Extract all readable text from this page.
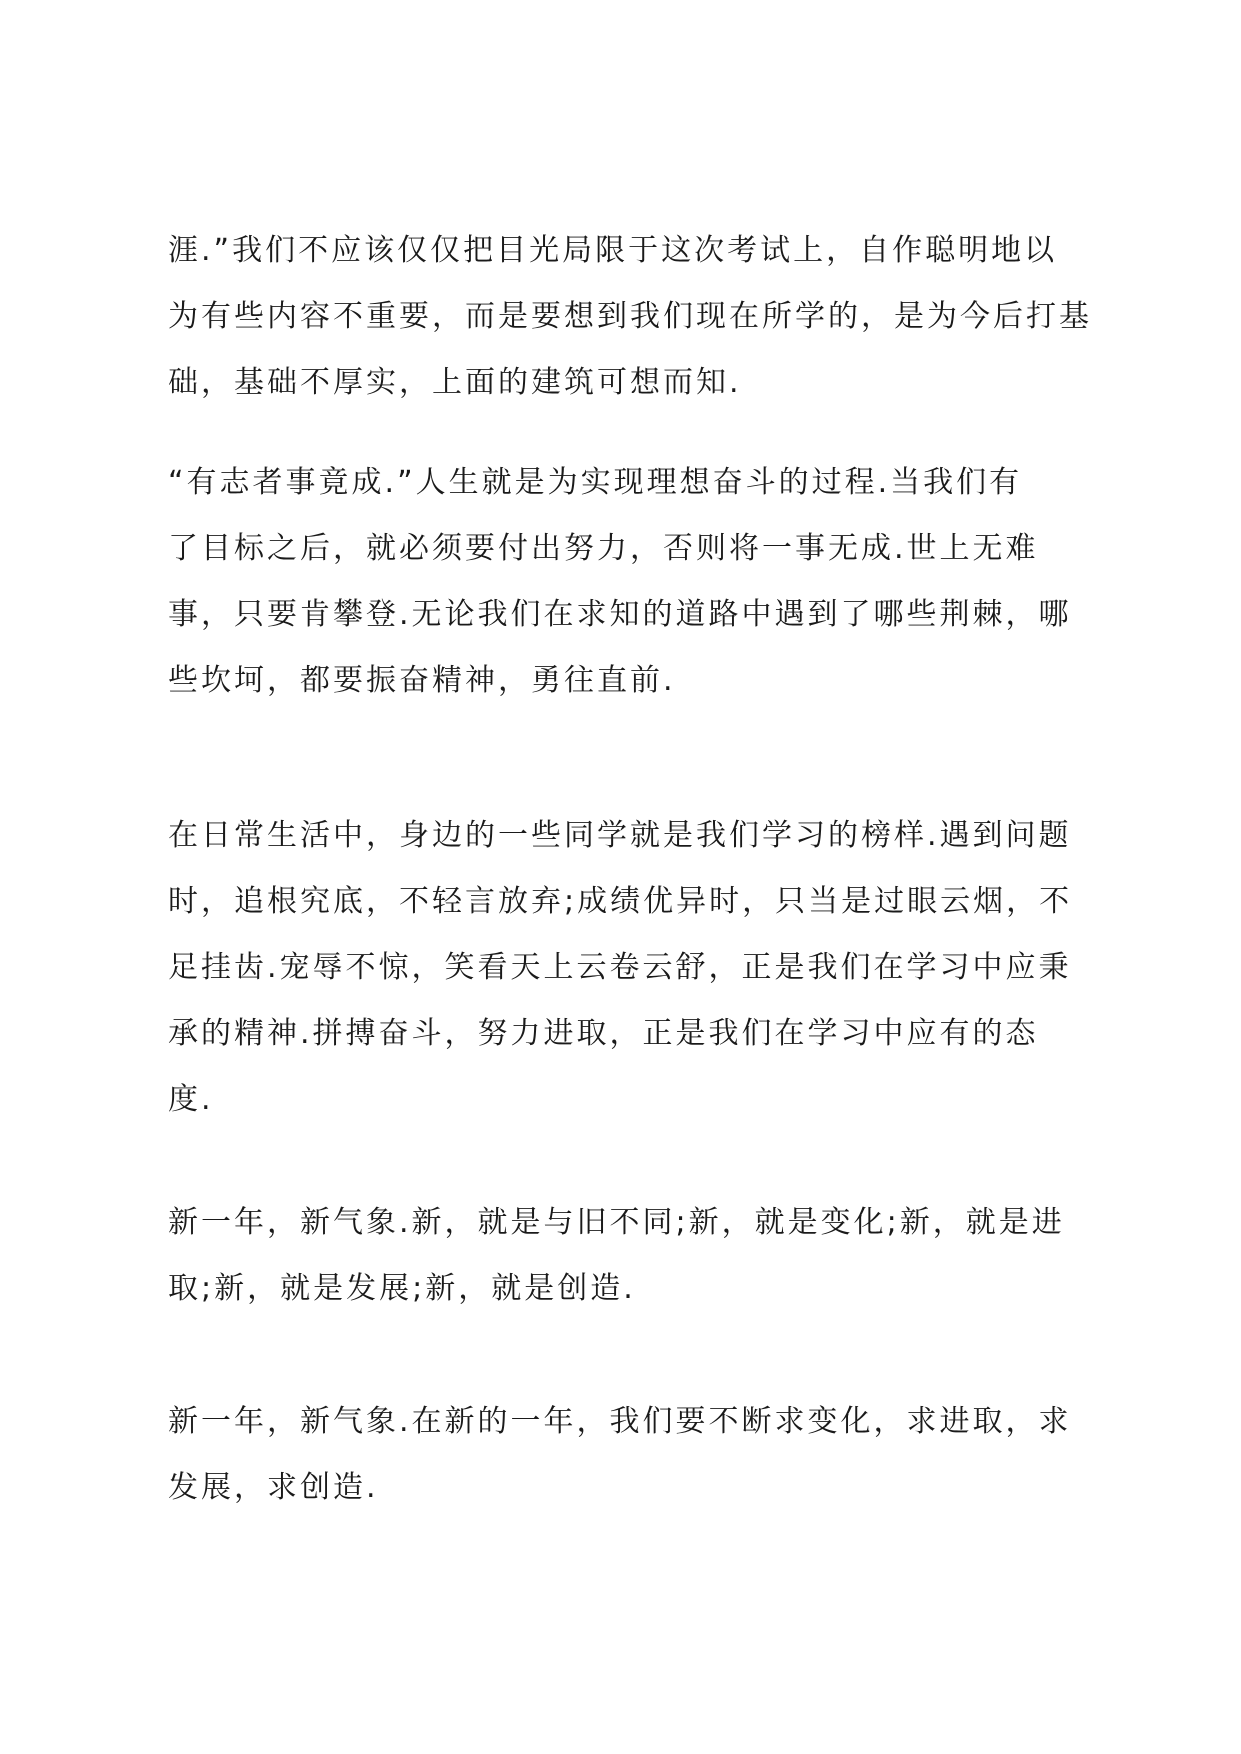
涯.”我们不应该仅仅把目光局限于这次考试上，自作聪明地以
为有些内容不重要，而是要想到我们现在所学的，是为今后打基
础，基础不厚实，上面的建筑可想而知.

“有志者事竟成.”人生就是为实现理想奋斗的过程.当我们有
了目标之后，就必须要付出努力，否则将一事无成.世上无难
事，只要肯攀登.无论我们在求知的道路中遇到了哪些荆棘，哪
些坎坷，都要振奋精神，勇往直前.

在日常生活中，身边的一些同学就是我们学习的榜样.遇到问题
时，追根究底，不轻言放弃;成绩优异时，只当是过眼云烟，不
足挂齿.宠辱不惊，笑看天上云卷云舒，正是我们在学习中应秉
承的精神.拼搏奋斗，努力进取，正是我们在学习中应有的态
度.

新一年，新气象.新，就是与旧不同;新，就是变化;新，就是进
取;新，就是发展;新，就是创造.

新一年，新气象.在新的一年，我们要不断求变化，求进取，求
发展，求创造.
